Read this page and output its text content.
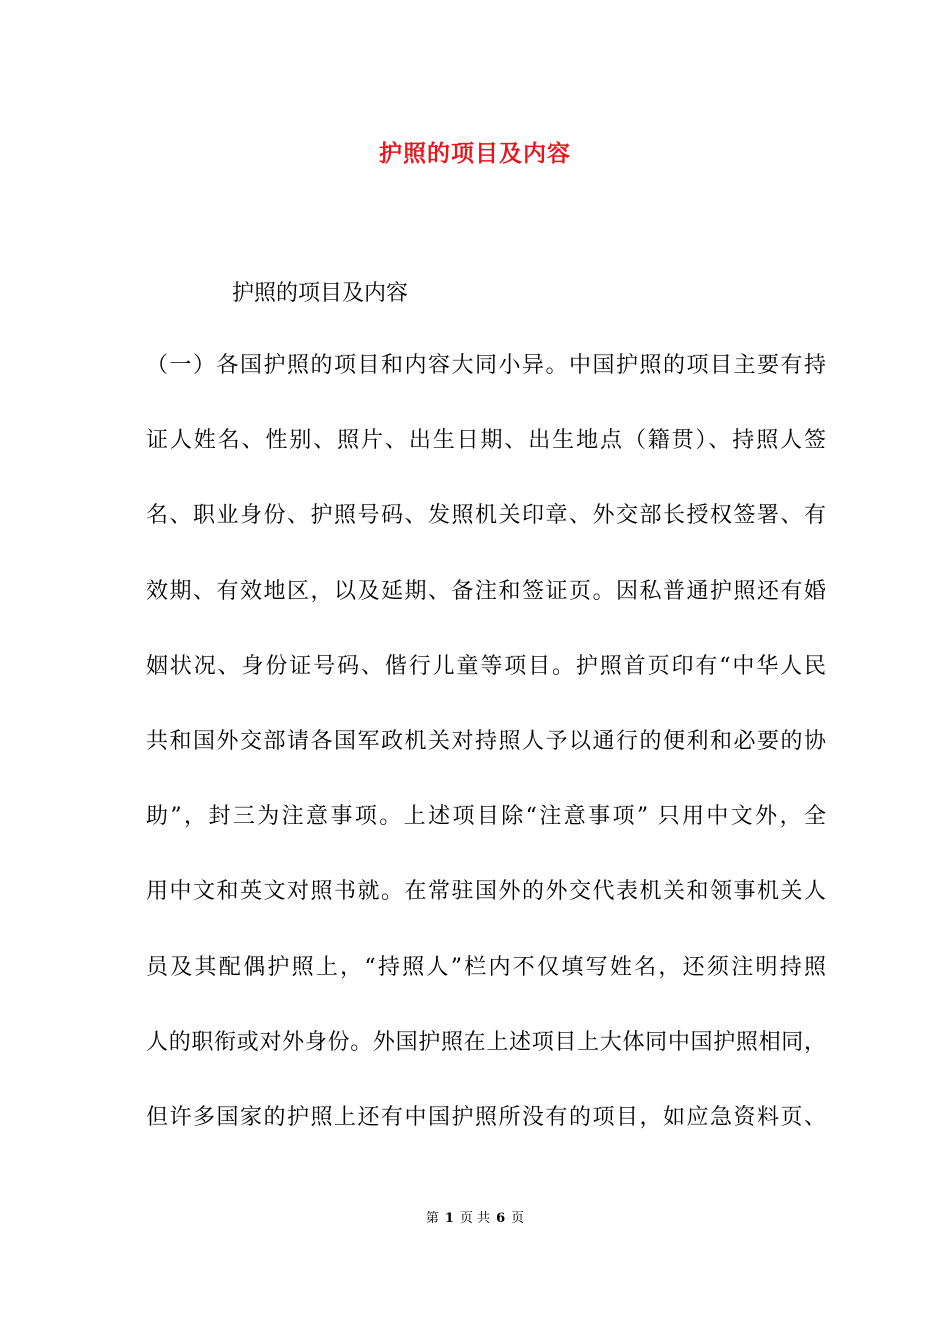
护照的项目及内容

护照的项目及内容

（一）各国护照的项目和内容大同小异。中国护照的项目主要有持
证人姓名、性别、照片、出生日期、出生地点（籍贯）、持照人签
名、职业身份、护照号码、发照机关印章、外交部长授权签署、有
效期、有效地区，以及延期、备注和签证页。因私普通护照还有婚
姻状况、身份证号码、偕行儿童等项目。护照首页印有“中华人民
共和国外交部请各国军政机关对持照人予以通行的便利和必要的协
助”，封三为注意事项。上述项目除“注意事项” 只用中文外，全
用中文和英文对照书就。在常驻国外的外交代表机关和领事机关人
员及其配偶护照上，“持照人”栏内不仅填写姓名，还须注明持照
人的职衔或对外身份。外国护照在上述项目上大体同中国护照相同，
但许多国家的护照上还有中国护照所没有的项目，如应急资料页、
第 1 页 共 6 页
